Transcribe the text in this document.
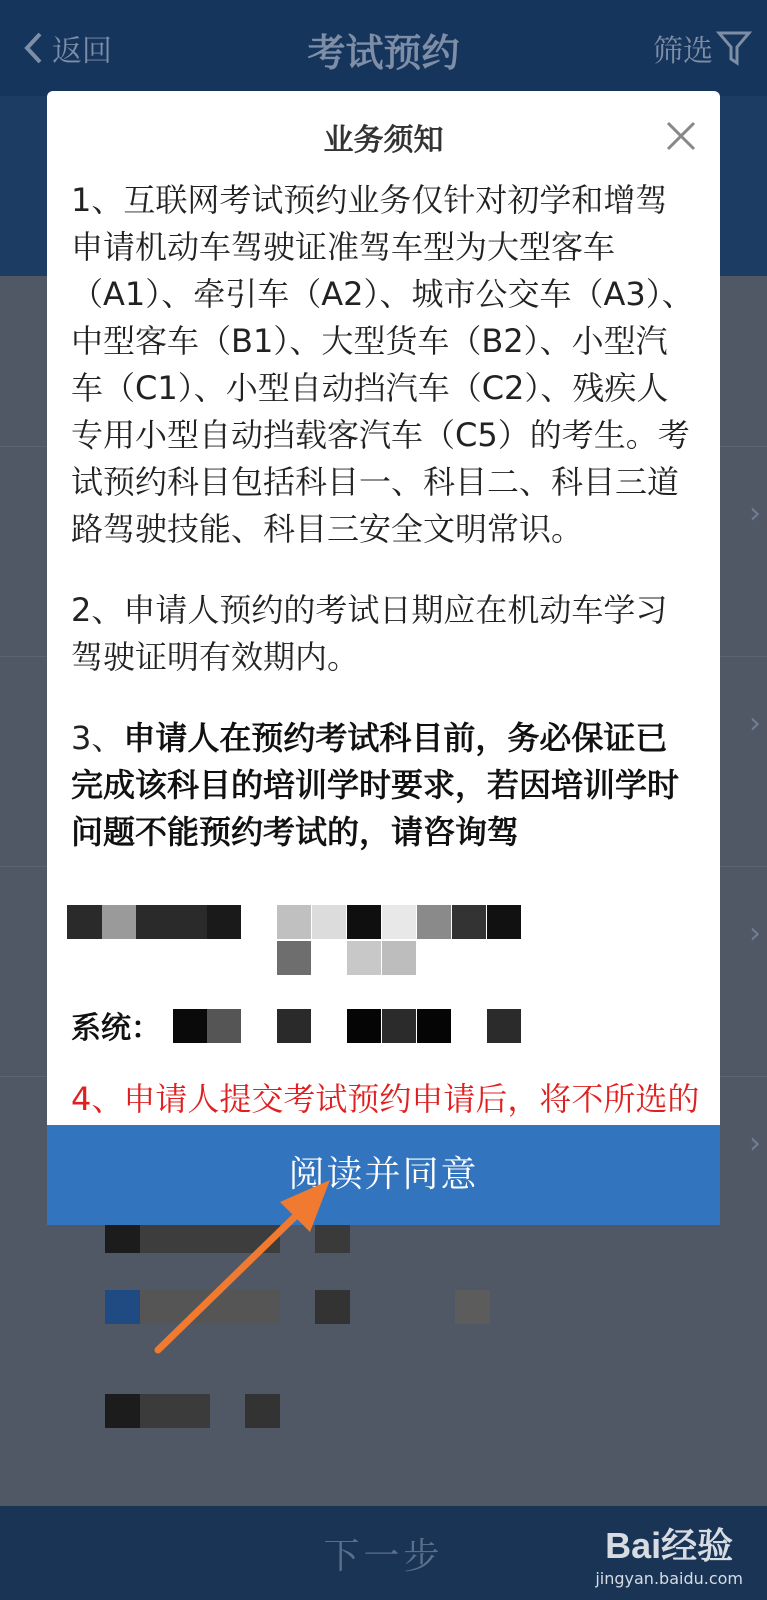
返回	考试预约	筛选
›
›
›
›
下一步	Bai经验
jingyan.baidu.com
业务须知

1、互联网考试预约业务仅针对初学和增驾申请机动车驾驶证准驾车型为大型客车（A1）、牵引车（A2）、城市公交车（A3）、中型客车（B1）、大型货车（B2）、小型汽车（C1）、小型自动挡汽车（C2）、残疾人专用小型自动挡载客汽车（C5）的考生。考试预约科目包括科目一、科目二、科目三道路驾驶技能、科目三安全文明常识。

2、申请人预约的考试日期应在机动车学习驾驶证明有效期内。

3、申请人在预约考试科目前，务必保证已完成该科目的培训学时要求，若因培训学时问题不能预约考试的，请咨询驾

系统：
4、申请人提交考试预约申请后，将不所选的
阅读并同意
